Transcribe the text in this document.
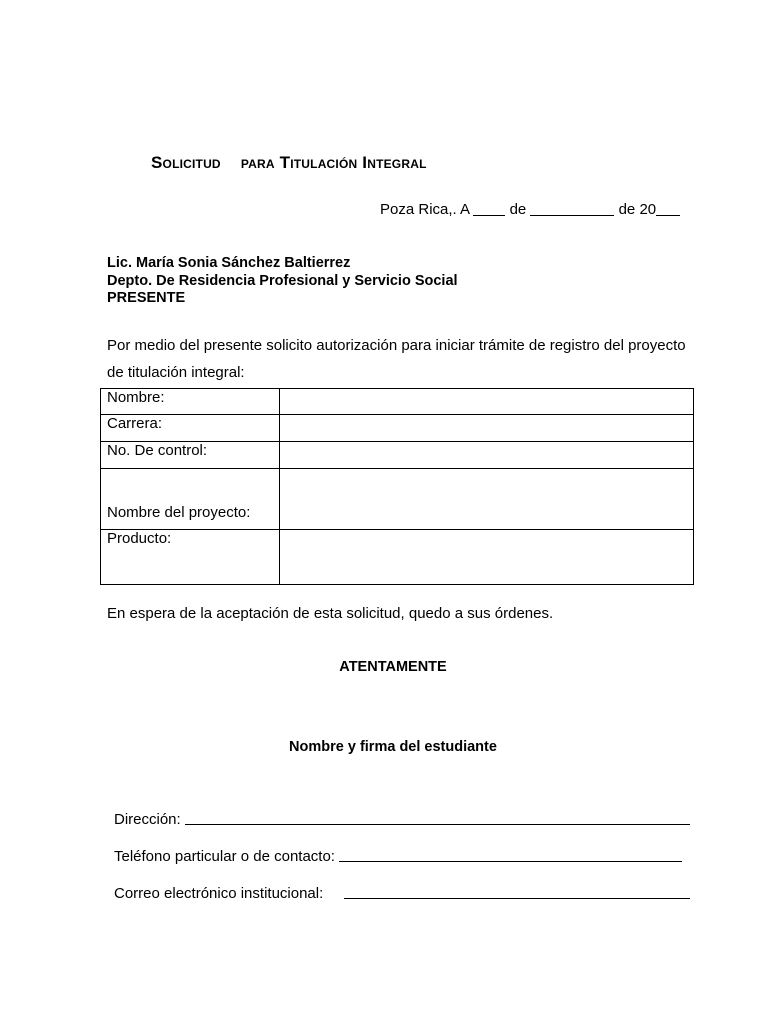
Solicitud para Titulación Integral
Poza Rica,. A	de	de 20
Lic. María Sonia Sánchez Baltierrez
Depto. De Residencia Profesional y Servicio Social
PRESENTE
Por medio del presente solicito autorización para iniciar trámite de registro del proyecto de titulación integral:
Nombre:	
Carrera:	
No. De control:	
Nombre del proyecto:	
Producto:	
En espera de la aceptación de esta solicitud, quedo a sus órdenes.
ATENTAMENTE
Nombre y firma del estudiante
Dirección:
Teléfono particular o de contacto:
Correo electrónico institucional:
